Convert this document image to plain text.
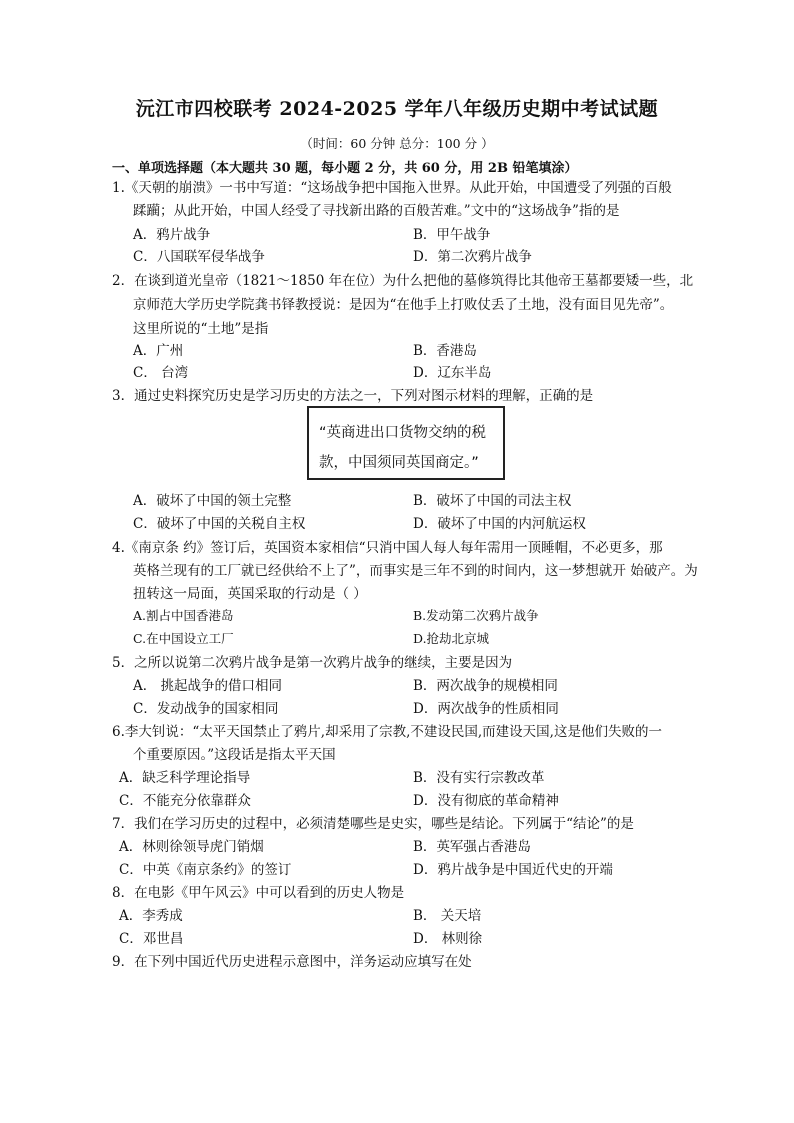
沅江市四校联考 2024-2025 学年八年级历史期中考试试题
（时间：60 分钟 总分：100 分 ）
一、单项选择题（本大题共 30 题，每小题 2 分，共 60 分，用 2B 铅笔填涂）
1.《天朝的崩溃》一书中写道：“这场战争把中国拖入世界。从此开始，中国遭受了列强的百般
蹂躏；从此开始，中国人经受了寻找新出路的百般苦难。”文中的“这场战争”指的是
A．鸦片战争	B．甲午战争
C．八国联军侵华战争	D．第二次鸦片战争
2．在谈到道光皇帝（1821～1850 年在位）为什么把他的墓修筑得比其他帝王墓都要矮一些，北
京师范大学历史学院龚书铎教授说：是因为“在他手上打败仗丢了土地，没有面目见先帝”。
这里所说的“土地”是指
A．广州	B．香港岛
C． 台湾	D．辽东半岛
3．通过史料探究历史是学习历史的方法之一，下列对图示材料的理解，正确的是
“英商进出口货物交纳的税
款，中国须同英国商定。”
A．破坏了中国的领土完整	B．破坏了中国的司法主权
C．破坏了中国的关税自主权	D．破坏了中国的内河航运权
4.《南京条 约》签订后，英国资本家相信“只消中国人每人每年需用一顶睡帽，不必更多，那
英格兰现有的工厂就已经供给不上了”，而事实是三年不到的时间内，这一梦想就开 始破产。为
扭转这一局面，英国采取的行动是（ ）
A.割占中国香港岛	B.发动第二次鸦片战争
C.在中国设立工厂	D.抢劫北京城
5．之所以说第二次鸦片战争是第一次鸦片战争的继续，主要是因为
A． 挑起战争的借口相同	B．两次战争的规模相同
C．发动战争的国家相同	D．两次战争的性质相同
6.李大钊说：“太平天国禁止了鸦片,却采用了宗教,不建设民国,而建设天国,这是他们失败的一
个重要原因。”这段话是指太平天国
A．缺乏科学理论指导	B．没有实行宗教改革
C．不能充分依靠群众	D．没有彻底的革命精神
7．我们在学习历史的过程中，必须清楚哪些是史实，哪些是结论。下列属于“结论”的是
A．林则徐领导虎门销烟	B．英军强占香港岛
C．中英《南京条约》的签订	D．鸦片战争是中国近代史的开端
8．在电影《甲午风云》中可以看到的历史人物是
A．李秀成	B． 关天培
C．邓世昌	D． 林则徐
9．在下列中国近代历史进程示意图中，洋务运动应填写在处
